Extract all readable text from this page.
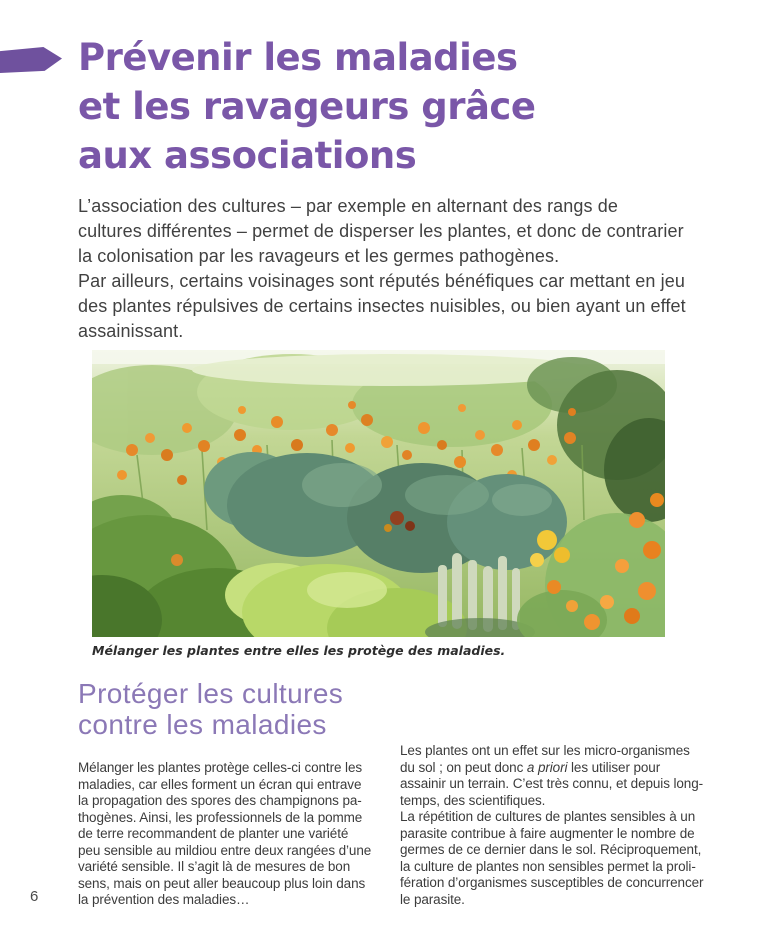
Prévenir les maladies
et les ravageurs grâce
aux associations

L’association des cultures – par exemple en alternant des rangs de
cultures différentes – permet de disperser les plantes, et donc de contrarier
la colonisation par les ravageurs et les germes pathogènes.
Par ailleurs, certains voisinages sont réputés bénéfiques car mettant en jeu
des plantes répulsives de certains insectes nuisibles, ou bien ayant un effet
assainissant.

Mélanger les plantes entre elles les protège des maladies.
Protéger les cultures
contre les maladies

Mélanger les plantes protège celles-ci contre les
maladies, car elles forment un écran qui entrave
la propagation des spores des champignons pa-
thogènes. Ainsi, les professionnels de la pomme
de terre recommandent de planter une variété
peu sensible au mildiou entre deux rangées d’une
variété sensible. Il s’agit là de mesures de bon
sens, mais on peut aller beaucoup plus loin dans
la prévention des maladies…

Les plantes ont un effet sur les micro-organismes
du sol ; on peut donc a priori les utiliser pour
assainir un terrain. C’est très connu, et depuis long-
temps, des scientifiques.
La répétition de cultures de plantes sensibles à un
parasite contribue à faire augmenter le nombre de
germes de ce dernier dans le sol. Réciproquement,
la culture de plantes non sensibles permet la proli-
fération d’organismes susceptibles de concurrencer
le parasite.

6
